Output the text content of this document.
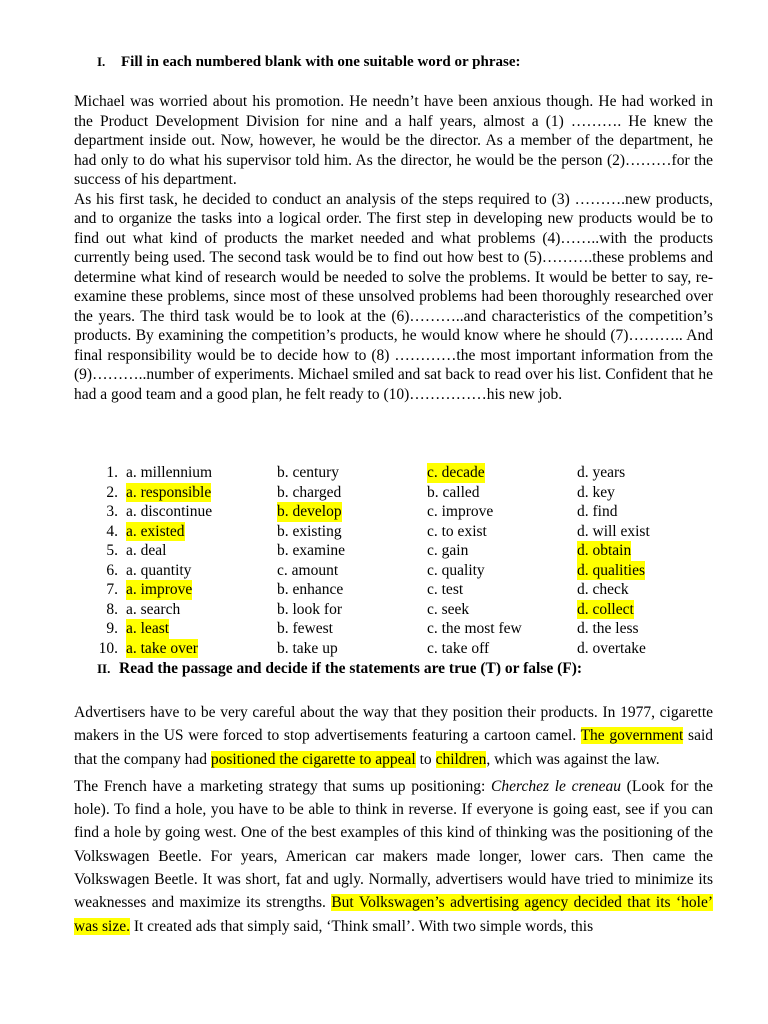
I. Fill in each numbered blank with one suitable word or phrase:

Michael was worried about his promotion. He needn’t have been anxious though. He had worked in the Product Development Division for nine and a half years, almost a (1) ………. He knew the department inside out. Now, however, he would be the director. As a member of the department, he had only to do what his supervisor told him. As the director, he would be the person (2)………for the success of his department.

As his first task, he decided to conduct an analysis of the steps required to (3) ……….new products, and to organize the tasks into a logical order. The first step in developing new products would be to find out what kind of products the market needed and what problems (4)……..with the products currently being used. The second task would be to find out how best to (5)……….these problems and determine what kind of research would be needed to solve the problems. It would be better to say, re-examine these problems, since most of these unsolved problems had been thoroughly researched over the years. The third task would be to look at the (6)………..and characteristics of the competition’s products. By examining the competition’s products, he would know where he should (7)……….. And final responsibility would be to decide how to (8) …………the most important information from the (9)………..number of experiments. Michael smiled and sat back to read over his list. Confident that he had a good team and a good plan, he felt ready to (10)……………his new job.

1. a. millennium	b. century	c. decade	d. years
2. a. responsible	b. charged	b. called	d. key
3. a. discontinue	b. develop	c. improve	d. find
4. a. existed	b. existing	c. to exist	d. will exist
5. a. deal	b. examine	c. gain	d. obtain
6. a. quantity	c. amount	c. quality	d. qualities
7. a. improve	b. enhance	c. test	d. check
8. a. search	b. look for	c. seek	d. collect
9. a. least	b. fewest	c. the most few	d. the less
10. a. take over	b. take up	c. take off	d. overtake
II. Read the passage and decide if the statements are true (T) or false (F):

Advertisers have to be very careful about the way that they position their products. In 1977, cigarette makers in the US were forced to stop advertisements featuring a cartoon camel. The government said that the company had positioned the cigarette to appeal to children, which was against the law.

The French have a marketing strategy that sums up positioning: Cherchez le creneau (Look for the hole). To find a hole, you have to be able to think in reverse. If everyone is going east, see if you can find a hole by going west. One of the best examples of this kind of thinking was the positioning of the Volkswagen Beetle. For years, American car makers made longer, lower cars. Then came the Volkswagen Beetle. It was short, fat and ugly. Normally, advertisers would have tried to minimize its weaknesses and maximize its strengths. But Volkswagen’s advertising agency decided that its ‘hole’ was size. It created ads that simply said, ‘Think small’. With two simple words, this
